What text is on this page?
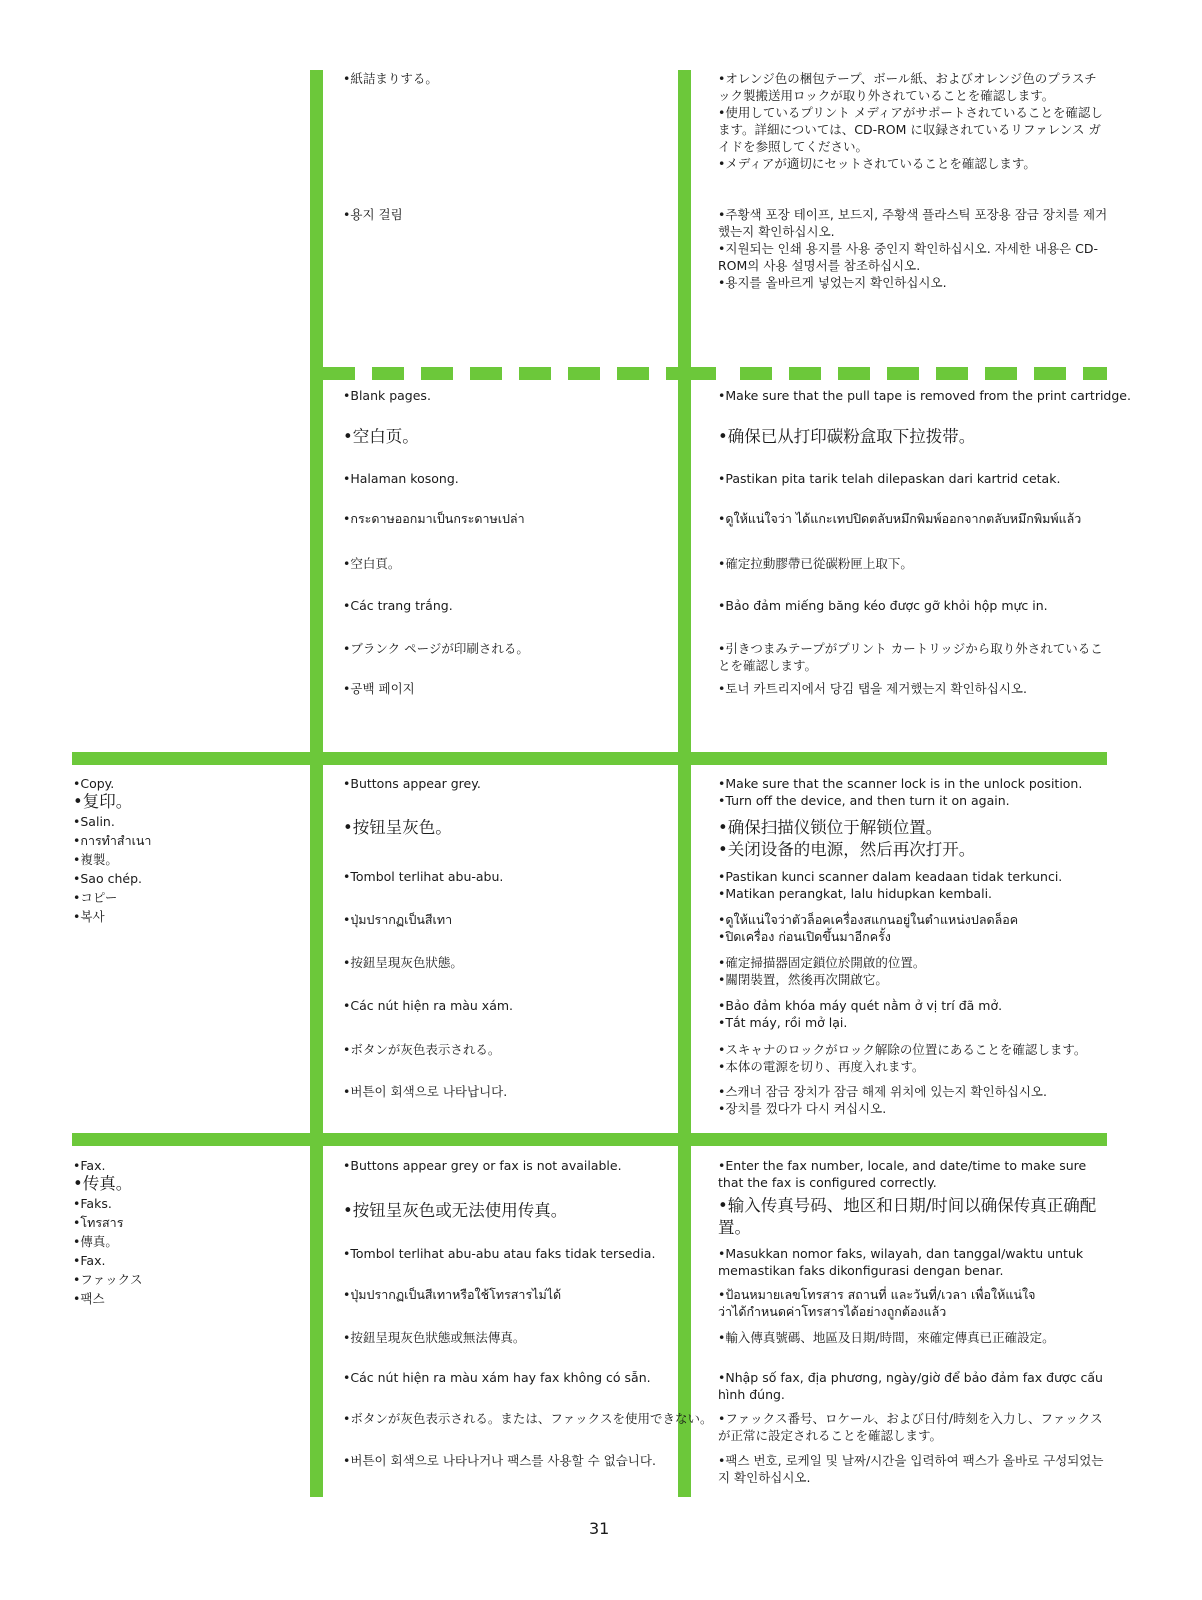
•紙詰まりする。	•オレンジ色の梱包テープ、ボール紙、およびオレンジ色のプラスチック製搬送用ロックが取り外されていることを確認します。
•使用しているプリント メディアがサポートされていることを確認します。詳細については、CD-ROM に収録されているリファレンス ガイドを参照してください。
•メディアが適切にセットされていることを確認します。
•용지 걸림	•주황색 포장 테이프, 보드지, 주황색 플라스틱 포장용 잠금 장치를 제거했는지 확인하십시오.
•지원되는 인쇄 용지를 사용 중인지 확인하십시오. 자세한 내용은 CD-ROM의 사용 설명서를 참조하십시오.
•용지를 올바르게 넣었는지 확인하십시오.
•Blank pages.
•空白页。
•Halaman kosong.
•กระดาษออกมาเป็นกระดาษเปล่า
•空白頁。
•Các trang trắng.
•ブランク ページが印刷される。
•공백 페이지
•Make sure that the pull tape is removed from the print cartridge.
•确保已从打印碳粉盒取下拉拨带。
•Pastikan pita tarik telah dilepaskan dari kartrid cetak.
•ดูให้แน่ใจว่า ได้แกะเทปปิดตลับหมึกพิมพ์ออกจากตลับหมึกพิมพ์แล้ว
•確定拉動膠帶已從碳粉匣上取下。
•Bảo đảm miếng băng kéo được gỡ khỏi hộp mực in.
•引きつまみテープがプリント カートリッジから取り外されていることを確認します。
•토너 카트리지에서 당김 탭을 제거했는지 확인하십시오.
•Copy.
•复印。
•Salin.
•การทำสำเนา
•複製。
•Sao chép.
•コピー
•복사
•Buttons appear grey.
•按钮呈灰色。
•Tombol terlihat abu-abu.
•ปุ่มปรากฏเป็นสีเทา
•按鈕呈現灰色狀態。
•Các nút hiện ra màu xám.
•ボタンが灰色表示される。
•버튼이 회색으로 나타납니다.
•Make sure that the scanner lock is in the unlock position.
•Turn off the device, and then turn it on again.
•确保扫描仪锁位于解锁位置。
•关闭设备的电源，然后再次打开。
•Pastikan kunci scanner dalam keadaan tidak terkunci.
•Matikan perangkat, lalu hidupkan kembali.
•ดูให้แน่ใจว่าตัวล็อคเครื่องสแกนอยู่ในตำแหน่งปลดล็อค
•ปิดเครื่อง ก่อนเปิดขึ้นมาอีกครั้ง
•確定掃描器固定鎖位於開啟的位置。
•關閉裝置，然後再次開啟它。
•Bảo đảm khóa máy quét nằm ở vị trí đã mở.
•Tắt máy, rồi mở lại.
•スキャナのロックがロック解除の位置にあることを確認します。
•本体の電源を切り、再度入れます。
•스캐너 잠금 장치가 잠금 해제 위치에 있는지 확인하십시오.
•장치를 껐다가 다시 켜십시오.
•Fax.
•传真。
•Faks.
•โทรสาร
•傳真。
•Fax.
•ファックス
•팩스
•Buttons appear grey or fax is not available.
•按钮呈灰色或无法使用传真。
•Tombol terlihat abu-abu atau faks tidak tersedia.
•ปุ่มปรากฏเป็นสีเทาหรือใช้โทรสารไม่ได้
•按鈕呈現灰色狀態或無法傳真。
•Các nút hiện ra màu xám hay fax không có sẵn.
•ボタンが灰色表示される。または、ファックスを使用できない。
•버튼이 회색으로 나타나거나 팩스를 사용할 수 없습니다.
•Enter the fax number, locale, and date/time to make sure that the fax is configured correctly.
•输入传真号码、地区和日期/时间以确保传真正确配置。
•Masukkan nomor faks, wilayah, dan tanggal/waktu untuk memastikan faks dikonfigurasi dengan benar.
•ป้อนหมายเลขโทรสาร สถานที่ และวันที่/เวลา เพื่อให้แน่ใจว่าได้กำหนดค่าโทรสารได้อย่างถูกต้องแล้ว
•輸入傳真號碼、地區及日期/時間，來確定傳真已正確設定。
•Nhập số fax, địa phương, ngày/giờ để bảo đảm fax được cấu hình đúng.
•ファックス番号、ロケール、および日付/時刻を入力し、ファックスが正常に設定されることを確認します。
•팩스 번호, 로케일 및 날짜/시간을 입력하여 팩스가 올바로 구성되었는지 확인하십시오.
31
